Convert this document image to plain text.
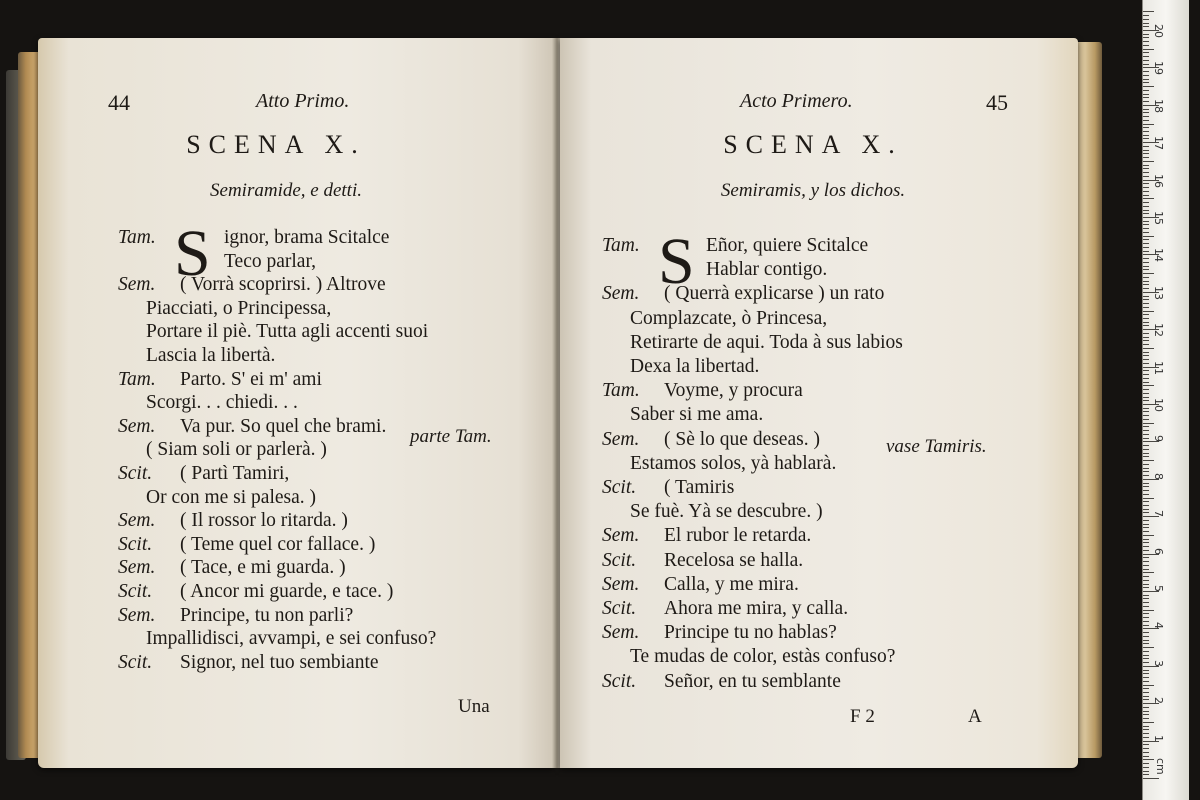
44	Atto Primo.
SCENA X.
Semiramide, e detti.
S
Tam.	ignor, brama Scitalce
Teco parlar,
Sem. ( Vorrà scoprirsi. ) Altrove
Piacciati, o Principessa,
Portare il piè. Tutta agli accenti suoi
Lascia la libertà.
Tam. Parto. S' ei m' ami
Scorgi. . . chiedi. . .
Sem. Va pur. So quel che brami.
( Siam soli or parlerà. )
Scit. ( Partì Tamiri,
Or con me si palesa. )
Sem. ( Il rossor lo ritarda. )
Scit. ( Teme quel cor fallace. )
Sem. ( Tace, e mi guarda. )
Scit. ( Ancor mi guarde, e tace. )
Sem. Principe, tu non parli?
Impallidisci, avvampi, e sei confuso?
Scit. Signor, nel tuo sembiante
parte Tam.
Una
Acto Primero.	45
SCENA X.
Semiramis, y los dichos.
S
Tam.	Eñor, quiere Scitalce
Hablar contigo.
Sem. ( Querrà explicarse ) un rato
Complazcate, ò Princesa,
Retirarte de aqui. Toda à sus labios
Dexa la libertad.
Tam. Voyme, y procura
Saber si me ama.
Sem. ( Sè lo que deseas. )
Estamos solos, yà hablarà.
Scit. ( Tamiris
Se fuè. Yà se descubre. )
Sem. El rubor le retarda.
Scit. Recelosa se halla.
Sem. Calla, y me mira.
Scit. Ahora me mira, y calla.
Sem. Principe tu no hablas?
Te mudas de color, estàs confuso?
Scit. Señor, en tu semblante
vase Tamiris.
F 2	A
1
2
3
4
5
6
7
8
9
10
11
12
13
14
15
16
17
18
19
20
cm
